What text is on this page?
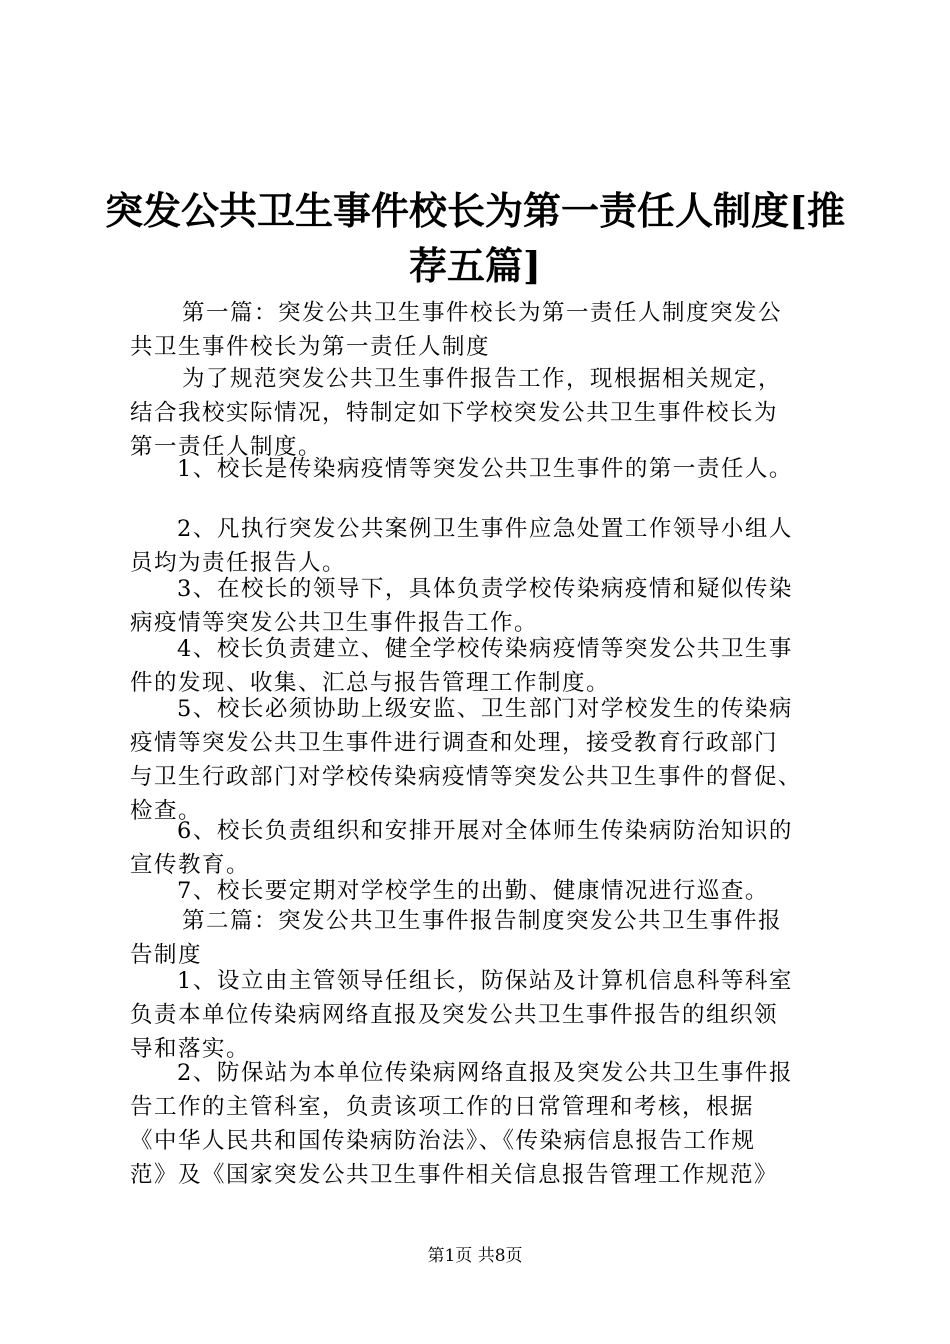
突发公共卫生事件校长为第一责任人制度[推
荐五篇]

第一篇：突发公共卫生事件校长为第一责任人制度突发公
共卫生事件校长为第一责任人制度

为了规范突发公共卫生事件报告工作，现根据相关规定，
结合我校实际情况，特制定如下学校突发公共卫生事件校长为
第一责任人制度。

1、校长是传染病疫情等突发公共卫生事件的第一责任人。

2、凡执行突发公共案例卫生事件应急处置工作领导小组人
员均为责任报告人。

3、在校长的领导下，具体负责学校传染病疫情和疑似传染
病疫情等突发公共卫生事件报告工作。

4、校长负责建立、健全学校传染病疫情等突发公共卫生事
件的发现、收集、汇总与报告管理工作制度。

5、校长必须协助上级安监、卫生部门对学校发生的传染病
疫情等突发公共卫生事件进行调查和处理，接受教育行政部门
与卫生行政部门对学校传染病疫情等突发公共卫生事件的督促、
检查。

6、校长负责组织和安排开展对全体师生传染病防治知识的
宣传教育。

7、校长要定期对学校学生的出勤、健康情况进行巡查。

第二篇：突发公共卫生事件报告制度突发公共卫生事件报
告制度

1、设立由主管领导任组长，防保站及计算机信息科等科室
负责本单位传染病网络直报及突发公共卫生事件报告的组织领
导和落实。

2、防保站为本单位传染病网络直报及突发公共卫生事件报
告工作的主管科室，负责该项工作的日常管理和考核，根据
《中华人民共和国传染病防治法》、《传染病信息报告工作规
范》及《国家突发公共卫生事件相关信息报告管理工作规范》

第1页 共8页
